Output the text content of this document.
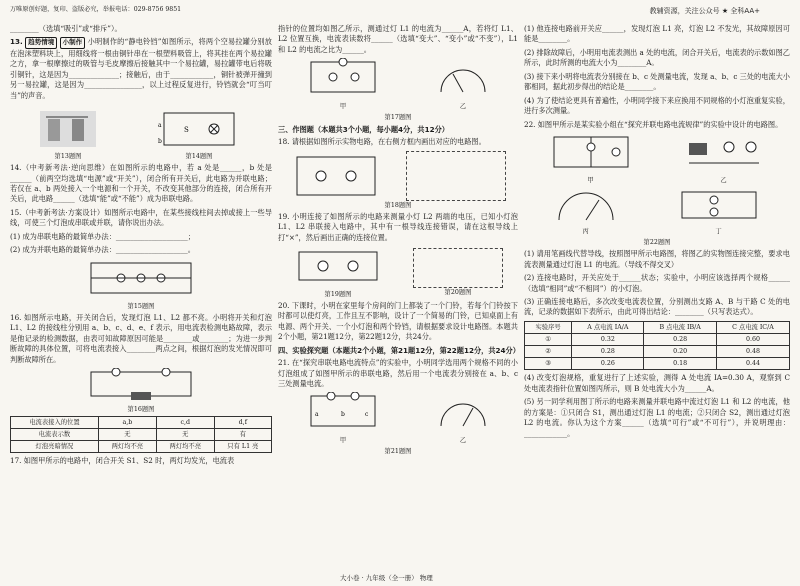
万唯原创好题，复印、盗版必究，举报电话：029-8756 9851	教辅资源，关注公众号 ★ 全科AA+
________（选填“吸引”或“排斥”）。
13. 趋势情境 小制作 小明制作的“静电铃铛”如图所示，将两个空易拉罐分别放在泡沫塑料块上，用细线将一根由铜针串在一根塑料吸管上，将其挂在两个易拉罐之方，拿一根摩擦过的吸管与毛皮摩擦后接触其中一个易拉罐，易拉罐带电后将吸引铜针，这是因为______________；接触后，由于____________，铜针被弹开撞到另一易拉罐，这是因为________________，以上过程反复进行，铃铛就会“叮当叮当”的声音。
第13题图
S
a
b
第14题图
14.（中考新考法·逆向思维）在如图所示的电路中，若 a 处是______，b 处是______（前两空均选填“电源”或“开关”），闭合所有开关后，此电路为并联电路；若仅在 a、b 两处接入一个电源和一个开关，不改变其他部分的连接，闭合所有开关后，此电路______（选填“能”或“不能”）成为串联电路。
15.（中考新考法·方案设计）如图所示电路中，在某些接线柱间去掉或接上一些导线，可使三个灯泡成串联或并联，请你说出办法。
(1) 成为串联电路的最简单办法：____________________；
(2) 成为并联电路的最简单办法：____________________。
第15题图
16. 如图所示电路，开关闭合后，发现灯泡 L1、L2 都不亮。小明将开关和灯泡 L1、L2 的接线柱分别用 a、b、c、d、e、f 表示，用电流表检测电路故障，表示是他记录的检测数据，由表可知故障原因可能是________或________；为进一步判断故障的具体位置，可将电流表接入________两点之间，根据灯泡的发光情况即可判断故障所在。
第16题图
电流表接入的位置	a,b	c,d	d,f
电流表示数	无	无	有
灯泡亮暗情况	两灯均不亮	两灯均不亮	只有 L1 亮
17. 如图甲所示的电路中，闭合开关 S1、S2 时，两灯均发光，电流表
指针的位置均如图乙所示，测通过灯 L1 的电流为______A，若将灯 L1、L2 位置互换，电流表读数将______（选填“变大”、“变小”或“不变”），L1 和 L2 的电流之比为______。
甲	乙
第17题图
三、作图题（本题共3个小题，每小题4分，共12分）
18. 请根据如图所示实物电路，在右侧方框内画出对应的电路图。
第18题图
19. 小明连接了如图所示的电路来测量小灯 L2 两端的电压，已知小灯泡 L1、L2 串联接入电路中，其中有一根导线连接错误，请在这根导线上打“×”，然后画出正确的连接位置。
第19题图	第20题图
20. 下课时，小明在家里每个房间的门上都装了一个门铃，若每个门铃按下时都可以使灯亮，工作且互不影响，设计了一个简易的门铃，已知桌面上有电源、两个开关、一个小灯泡和两个铃铛，请根据要求设计电路图。本题共2个小题，第21题12分，第22题12分，共24分。
四、实验探究题（本题共2个小题，第21题12分，第22题12分，共24分）
21. 在“探究串联电路电流特点”的实验中，小明同学选用两个规格不同的小灯泡组成了如图甲所示的串联电路，然后用一个电流表分别接在 a、b、c 三处测量电流。
a	b	c
甲	乙
第21题图
(1) 他连接电路前开关应______，发现灯泡 L1 亮，灯泡 L2 不发光，其故障原因可能是________。
(2) 排除故障后，小明用电流表测出 a 处的电流，闭合开关后，电流表的示数如图乙所示，此时所测的电流大小为________A。
(3) 接下来小明将电流表分别接在 b、c 处测量电流，发现 a、b、c 三处的电流大小都相同，据此初步得出的结论是________。
(4) 为了使结论更具有普遍性，小明同学接下来应换用不同规格的小灯泡重复实验，进行多次测量。
22. 如图甲所示是某实验小组在“探究并联电路电流规律”的实验中设计的电路图。
甲	乙
丙	丁
第22题图
(1) 请用笔画线代替导线，按照图甲所示电路图，将图乙的实物图连接完整，要求电流表测量通过灯泡 L1 的电流。（导线不得交叉）
(2) 连接电路时，开关应处于______状态；实验中，小明应该选择两个规格______（选填“相同”或“不相同”）的小灯泡。
(3) 正确连接电路后，多次改变电流表位置，分别测出支路 A、B 与干路 C 处的电流，记录的数据如下表所示，由此可得出结论：________（只写表达式）。
实验序号	A 点电流 IA/A	B 点电流 IB/A	C 点电流 IC/A
①	0.32	0.28	0.60
②	0.28	0.20	0.48
③	0.26	0.18	0.44
(4) 改变灯泡规格，重复进行了上述实验，测得 A 处电流 IA=0.30 A，观察到 C 处电流表指针位置如图丙所示，则 B 处电流大小为______A。
(5) 另一同学利用图丁所示的电路来测量并联电路中流过灯泡 L1 和 L2 的电流，他的方案是：①只闭合 S1，测出通过灯泡 L1 的电流；②只闭合 S2，测出通过灯泡 L2 的电流。你认为这个方案______（选填“可行”或“不可行”），并说明理由：____________。
大小卷 · 九年级（全一册） 物理
